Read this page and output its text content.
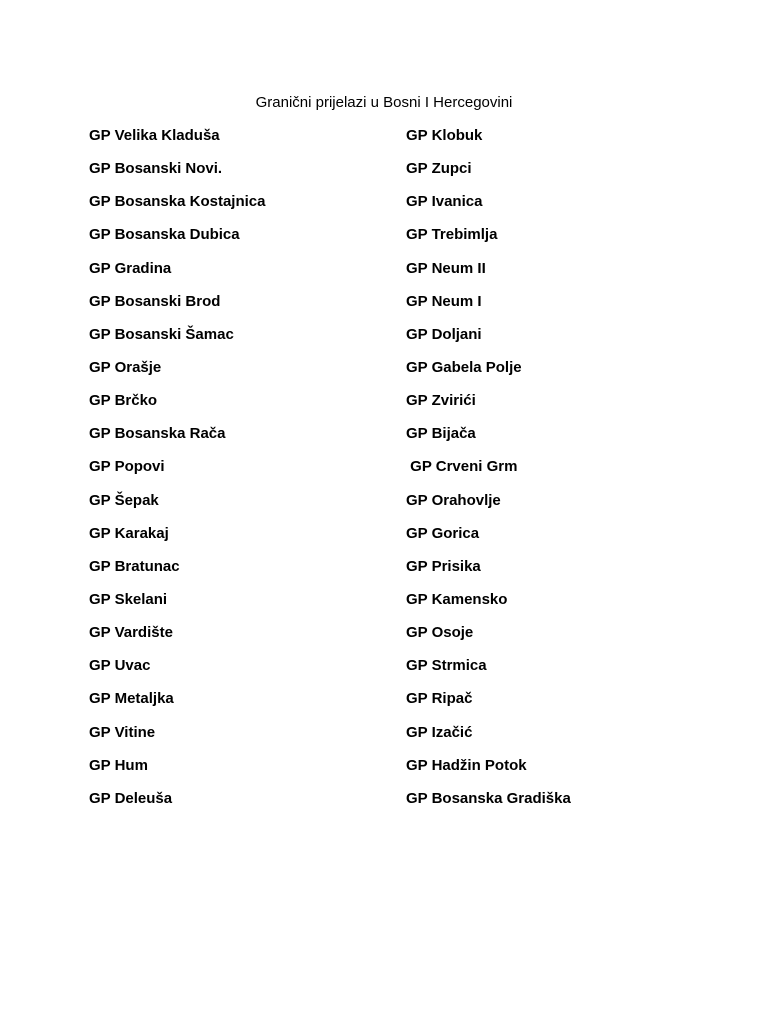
Granični prijelazi u Bosni I Hercegovini
GP Velika Kladuša
GP Bosanski Novi.
GP Bosanska Kostajnica
GP Bosanska Dubica
GP Gradina
GP Bosanski Brod
GP Bosanski Šamac
GP Orašje
GP Brčko
GP Bosanska Rača
GP Popovi
GP Šepak
GP Karakaj
GP Bratunac
GP Skelani
GP Vardište
GP Uvac
GP Metaljka
GP Vitine
GP Hum
GP Deleuša
GP Klobuk
GP Zupci
GP Ivanica
GP Trebimlja
GP Neum II
GP Neum I
GP Doljani
GP Gabela Polje
GP Zvirići
GP Bijača
GP Crveni Grm
GP Orahovlje
GP Gorica
GP Prisika
GP Kamensko
GP Osoje
GP Strmica
GP Ripač
GP Izačić
GP Hadžin Potok
GP Bosanska Gradiška
